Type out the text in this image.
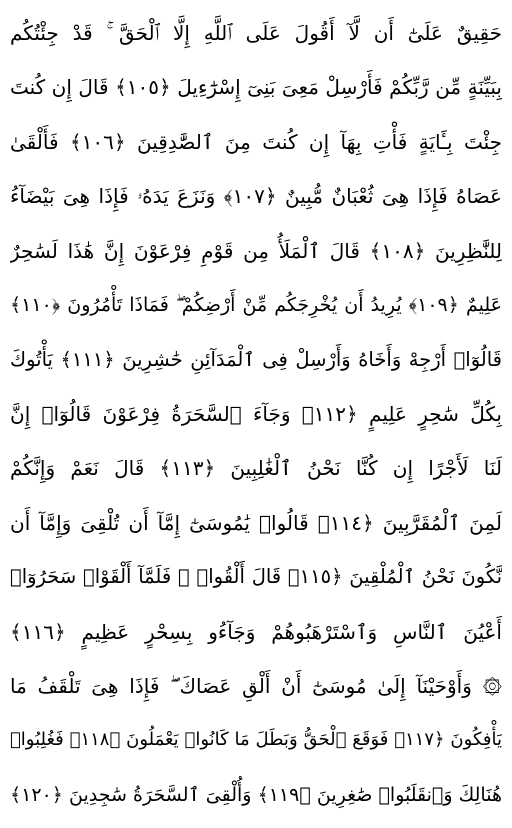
حَقِيقٌ عَلَىٰٓ أَن لَّآ أَقُولَ عَلَى ٱللَّهِ إِلَّا ٱلْحَقَّ ۚ قَدْ جِئْتُكُم
بِبَيِّنَةٍ مِّن رَّبِّكُمْ فَأَرْسِلْ مَعِىَ بَنِىٓ إِسْرَٰٓءِيلَ ﴿١٠٥﴾ قَالَ إِن كُنتَ
جِئْتَ بِـَٔايَةٍ فَأْتِ بِهَآ إِن كُنتَ مِنَ ٱلصَّٰدِقِينَ ﴿١٠٦﴾ فَأَلْقَىٰ
عَصَاهُ فَإِذَا هِىَ ثُعْبَانٌ مُّبِينٌ ﴿١٠٧﴾ وَنَزَعَ يَدَهُۥ فَإِذَا هِىَ بَيْضَآءُ
لِلنَّٰظِرِينَ ﴿١٠٨﴾ قَالَ ٱلْمَلَأُ مِن قَوْمِ فِرْعَوْنَ إِنَّ هَٰذَا لَسَٰحِرٌ
عَلِيمٌ ﴿١٠٩﴾ يُرِيدُ أَن يُخْرِجَكُم مِّنْ أَرْضِكُمْ ۖ فَمَاذَا تَأْمُرُونَ ﴿١١٠﴾
قَالُوٓا۟ أَرْجِهْ وَأَخَاهُ وَأَرْسِلْ فِى ٱلْمَدَآئِنِ حَٰشِرِينَ ﴿١١١﴾ يَأْتُوكَ
بِكُلِّ سَٰحِرٍ عَلِيمٍ ﴿١١٢﴾ وَجَآءَ ٱلسَّحَرَةُ فِرْعَوْنَ قَالُوٓا۟ إِنَّ
لَنَا لَأَجْرًا إِن كُنَّا نَحْنُ ٱلْغَٰلِبِينَ ﴿١١٣﴾ قَالَ نَعَمْ وَإِنَّكُمْ
لَمِنَ ٱلْمُقَرَّبِينَ ﴿١١٤﴾ قَالُوا۟ يَٰمُوسَىٰٓ إِمَّآ أَن تُلْقِىَ وَإِمَّآ أَن
نَّكُونَ نَحْنُ ٱلْمُلْقِينَ ﴿١١٥﴾ قَالَ أَلْقُوا۟ ۖ فَلَمَّآ أَلْقَوْا۟ سَحَرُوٓا۟
أَعْيُنَ ٱلنَّاسِ وَٱسْتَرْهَبُوهُمْ وَجَآءُو بِسِحْرٍ عَظِيمٍ ﴿١١٦﴾
۞ وَأَوْحَيْنَآ إِلَىٰ مُوسَىٰٓ أَنْ أَلْقِ عَصَاكَ ۖ فَإِذَا هِىَ تَلْقَفُ مَا
يَأْفِكُونَ ﴿١١٧﴾ فَوَقَعَ ٱلْحَقُّ وَبَطَلَ مَا كَانُوا۟ يَعْمَلُونَ ﴿١١٨﴾ فَغُلِبُوا۟
هُنَالِكَ وَٱنقَلَبُوا۟ صَٰغِرِينَ ﴿١١٩﴾ وَأُلْقِىَ ٱلسَّحَرَةُ سَٰجِدِينَ ﴿١٢٠﴾
